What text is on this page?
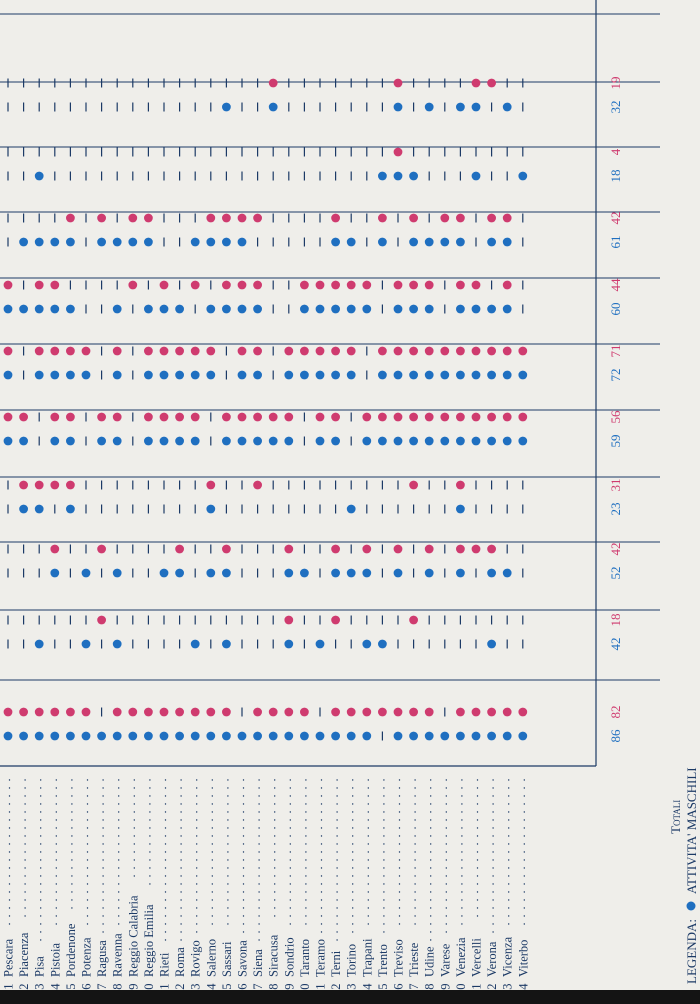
Pescara Piacenza Pisa Pistoia Pordenone Potenza Ragusa Ravenna Reggio Calabria Reggio Emilia Rieti Roma Rovigo Salerno Sassari Savona Siena Siracusa Sondrio Taranto Teramo Terni Torino Trapani Trento Treviso Trieste Udine Varese Venezia Vercelli Verona Vicenza Viterbo
Totali
86
82
42
18
52
42
23
31
59
56
72
71
60
44
61
42
18
4
32
19
LEGENDA:
ATTIVITA' MASCHILI
